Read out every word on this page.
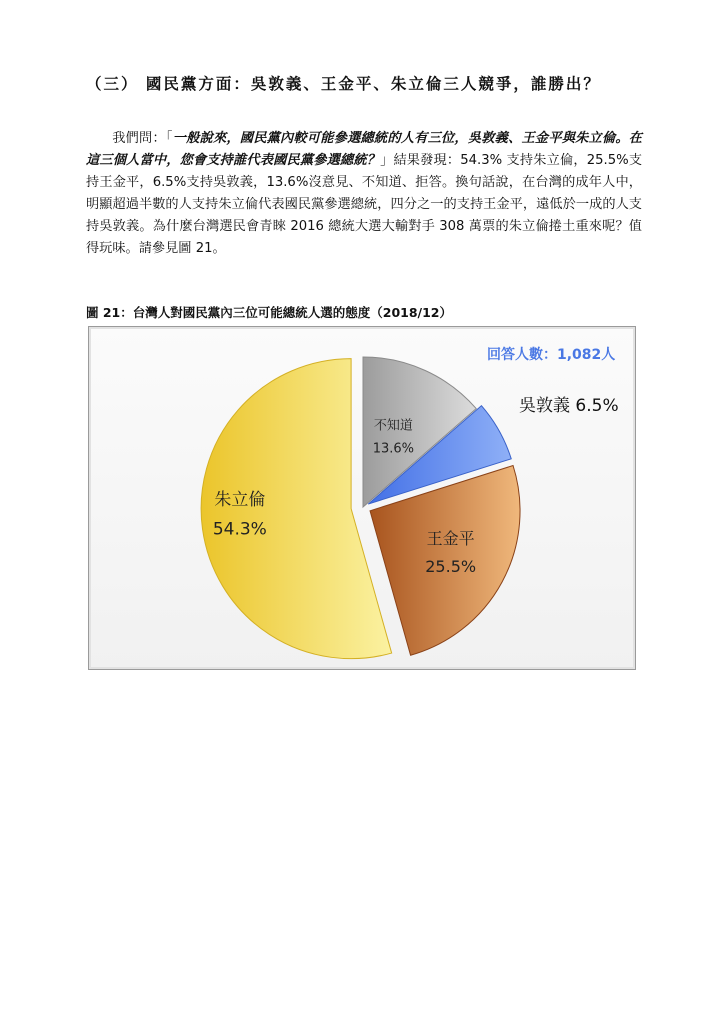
（三） 國民黨方面：吳敦義、王金平、朱立倫三人競爭，誰勝出？
我們問：「一般說來，國民黨內較可能參選總統的人有三位，吳敦義、王金平與朱立倫。在這三個人當中，您會支持誰代表國民黨參選總統？」結果發現：54.3% 支持朱立倫，25.5%支持王金平，6.5%支持吳敦義，13.6%沒意見、不知道、拒答。換句話說，在台灣的成年人中，明顯超過半數的人支持朱立倫代表國民黨參選總統，四分之一的支持王金平，遠低於一成的人支持吳敦義。為什麼台灣選民會青睞 2016 總統大選大輸對手 308 萬票的朱立倫捲土重來呢？值得玩味。請參見圖 21。
圖 21：台灣人對國民黨內三位可能總統人選的態度（2018/12）
不知道
13.6%
吳敦義 6.5%
王金平
25.5%
朱立倫
54.3%
回答人數：1,082人
